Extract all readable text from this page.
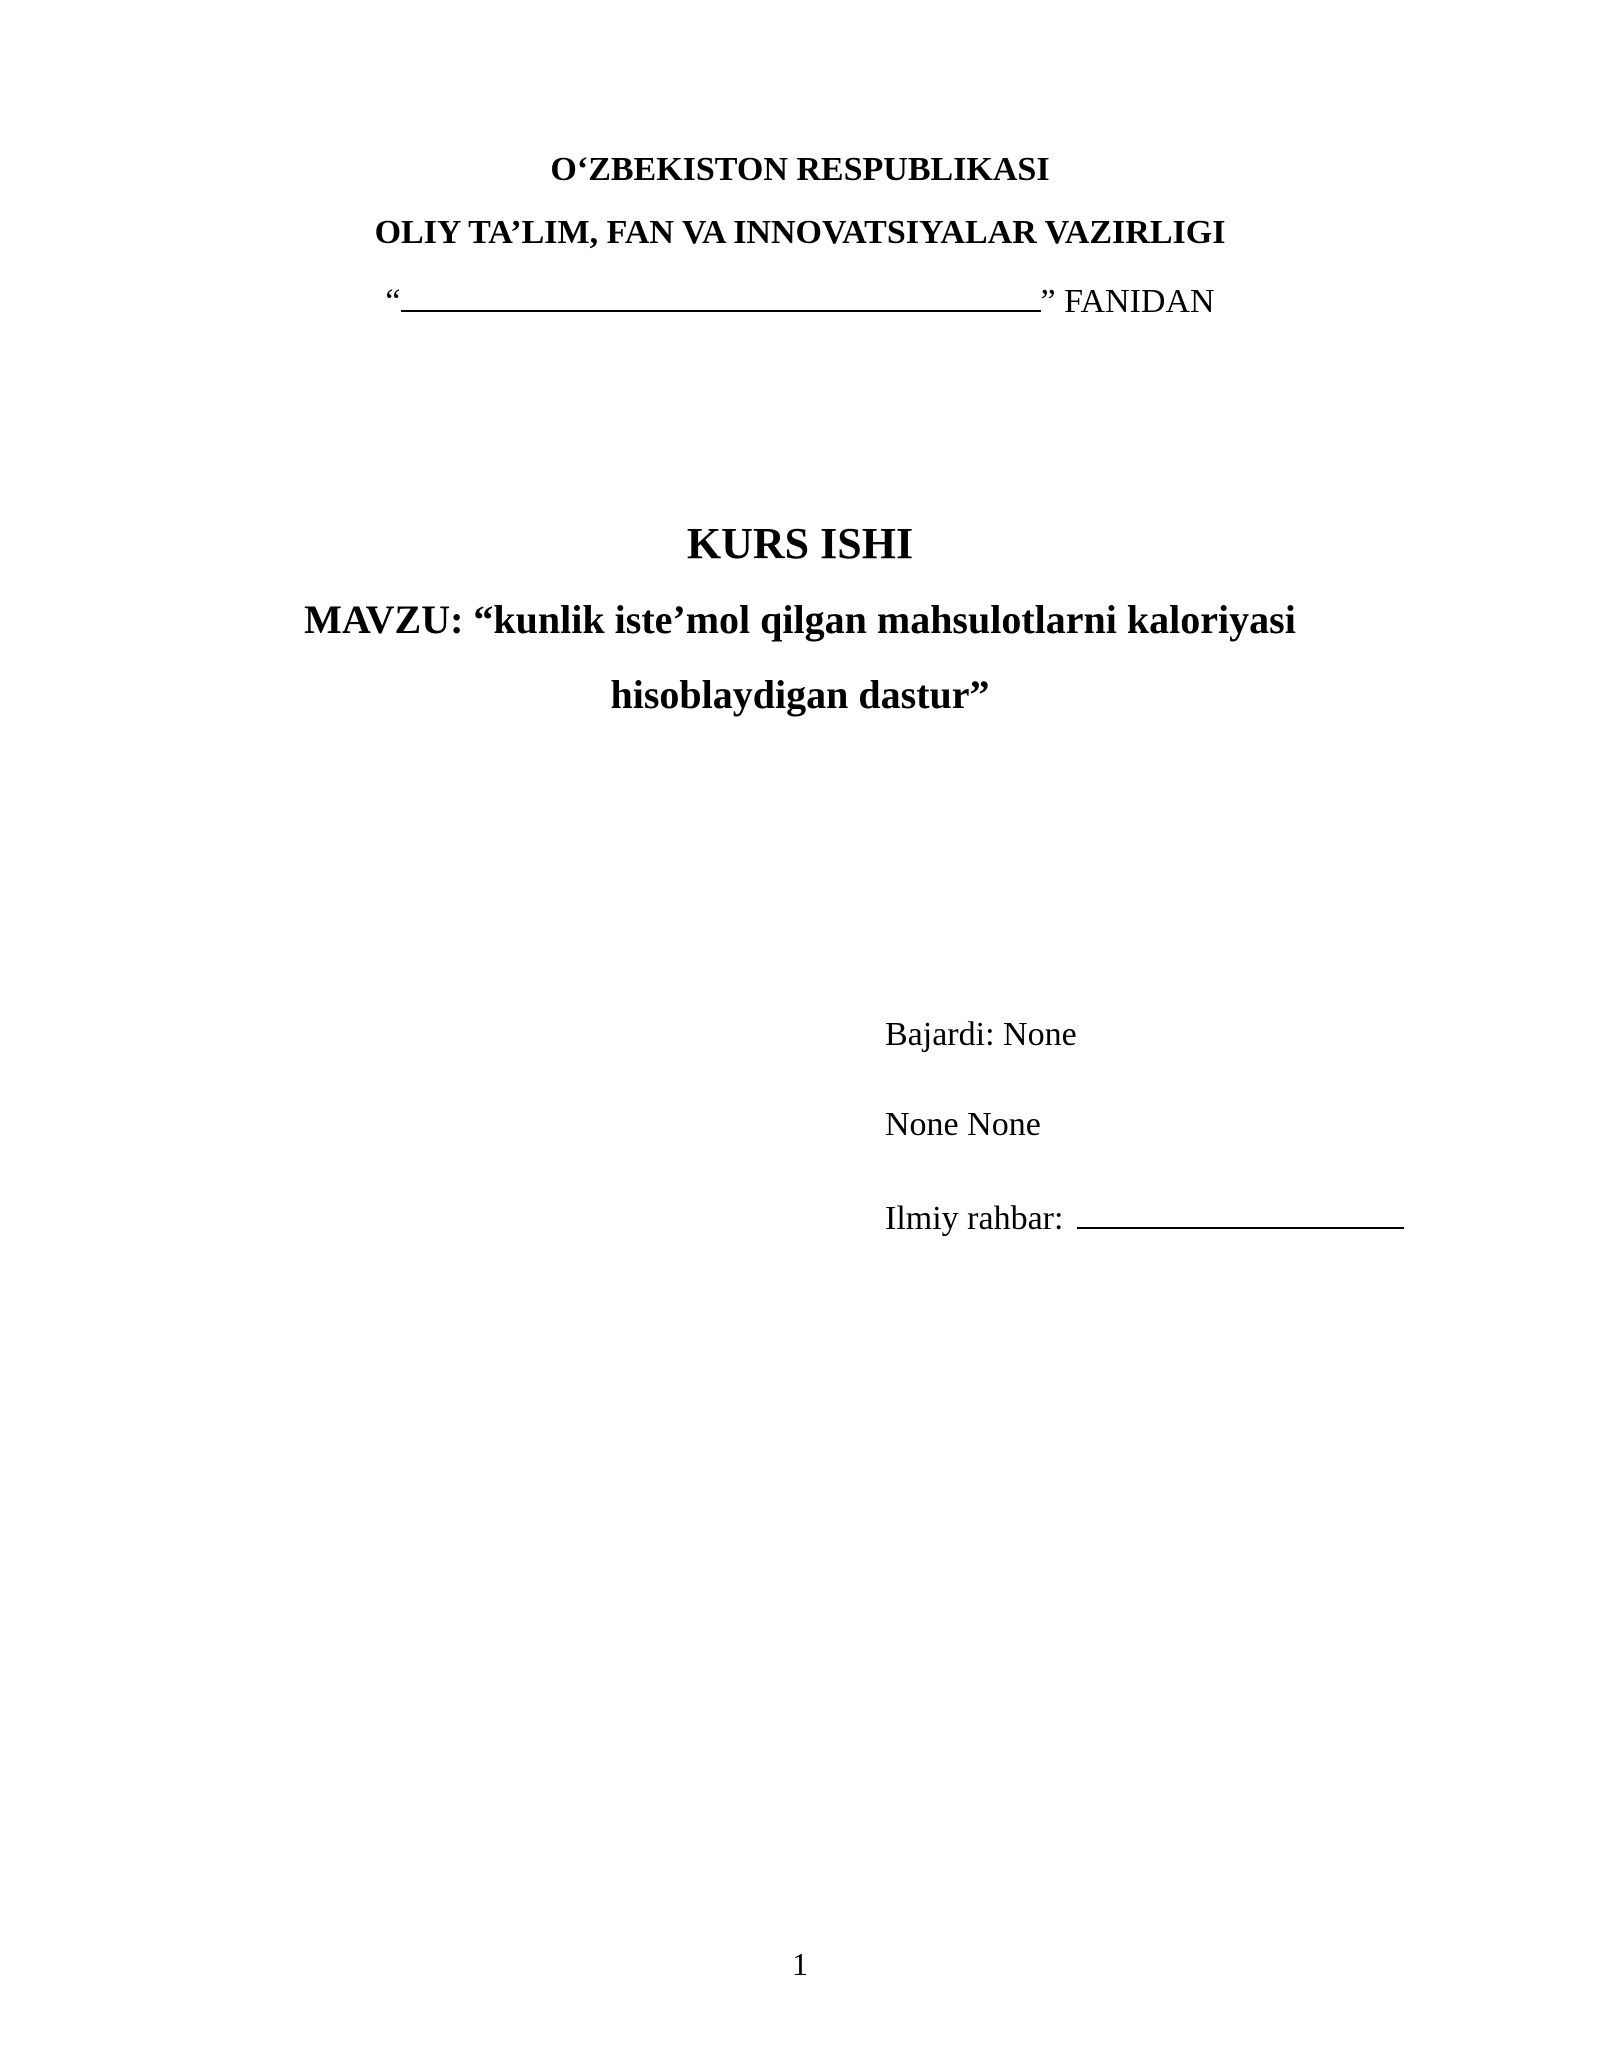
O‘ZBEKISTON RESPUBLIKASI
OLIY TA’LIM, FAN VA INNOVATSIYALAR VAZIRLIGI
“	” FANIDAN
KURS ISHI
MAVZU: “kunlik iste’mol qilgan mahsulotlarni kaloriyasi
hisoblaydigan dastur”
Bajardi: None
None None
Ilmiy rahbar:
1
